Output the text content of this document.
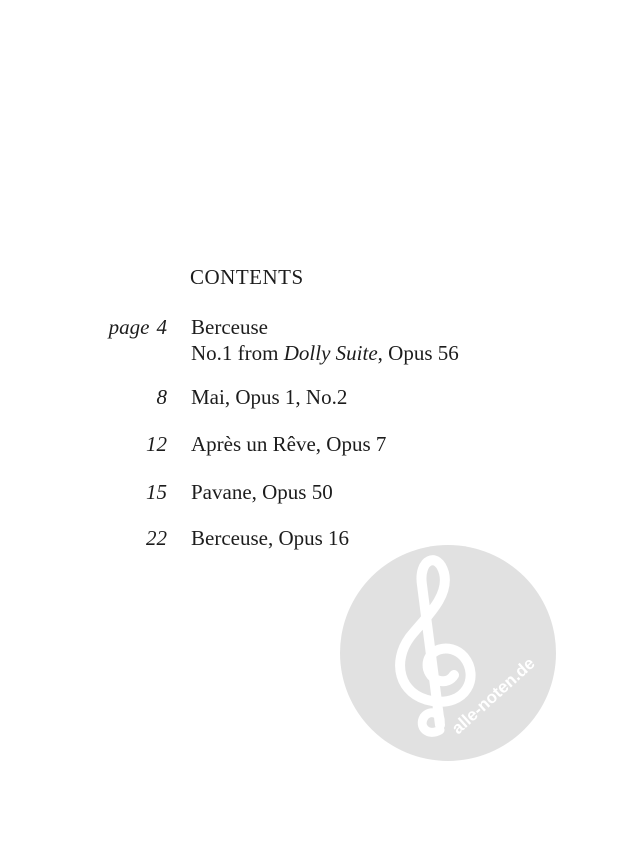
CONTENTS
page 4 Berceuse
No.1 from Dolly Suite, Opus 56
8 Mai, Opus 1, No.2
12 Après un Rêve, Opus 7
15 Pavane, Opus 50
22 Berceuse, Opus 16
alle-noten.de
